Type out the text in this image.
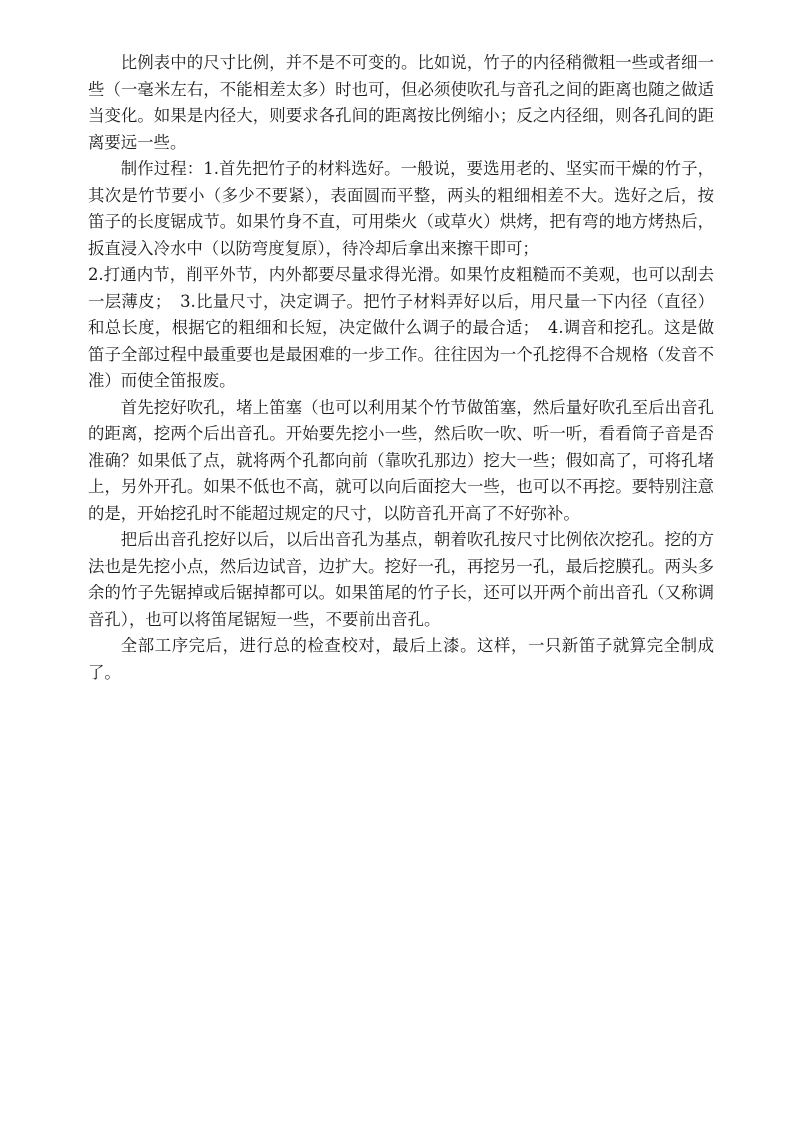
比例表中的尺寸比例，并不是不可变的。比如说，竹子的内径稍微粗一些或者细一些（一毫米左右，不能相差太多）时也可，但必须使吹孔与音孔之间的距离也随之做适当变化。如果是内径大，则要求各孔间的距离按比例缩小；反之内径细，则各孔间的距离要远一些。

制作过程：1.首先把竹子的材料选好。一般说，要选用老的、坚实而干燥的竹子，其次是竹节要小（多少不要紧），表面圆而平整，两头的粗细相差不大。选好之后，按笛子的长度锯成节。如果竹身不直，可用柴火（或草火）烘烤，把有弯的地方烤热后，扳直浸入冷水中（以防弯度复原），待冷却后拿出来擦干即可；

2.打通内节，削平外节，内外都要尽量求得光滑。如果竹皮粗糙而不美观，也可以刮去一层薄皮；　3.比量尺寸，决定调子。把竹子材料弄好以后，用尺量一下内径（直径）和总长度，根据它的粗细和长短，决定做什么调子的最合适；　4.调音和挖孔。这是做笛子全部过程中最重要也是最困难的一步工作。往往因为一个孔挖得不合规格（发音不准）而使全笛报废。

首先挖好吹孔，堵上笛塞（也可以利用某个竹节做笛塞，然后量好吹孔至后出音孔的距离，挖两个后出音孔。开始要先挖小一些，然后吹一吹、听一听，看看筒子音是否准确？如果低了点，就将两个孔都向前（靠吹孔那边）挖大一些；假如高了，可将孔堵上，另外开孔。如果不低也不高，就可以向后面挖大一些，也可以不再挖。要特别注意的是，开始挖孔时不能超过规定的尺寸，以防音孔开高了不好弥补。

把后出音孔挖好以后，以后出音孔为基点，朝着吹孔按尺寸比例依次挖孔。挖的方法也是先挖小点，然后边试音，边扩大。挖好一孔，再挖另一孔，最后挖膜孔。两头多余的竹子先锯掉或后锯掉都可以。如果笛尾的竹子长，还可以开两个前出音孔（又称调音孔），也可以将笛尾锯短一些，不要前出音孔。

全部工序完后，进行总的检查校对，最后上漆。这样，一只新笛子就算完全制成了。
